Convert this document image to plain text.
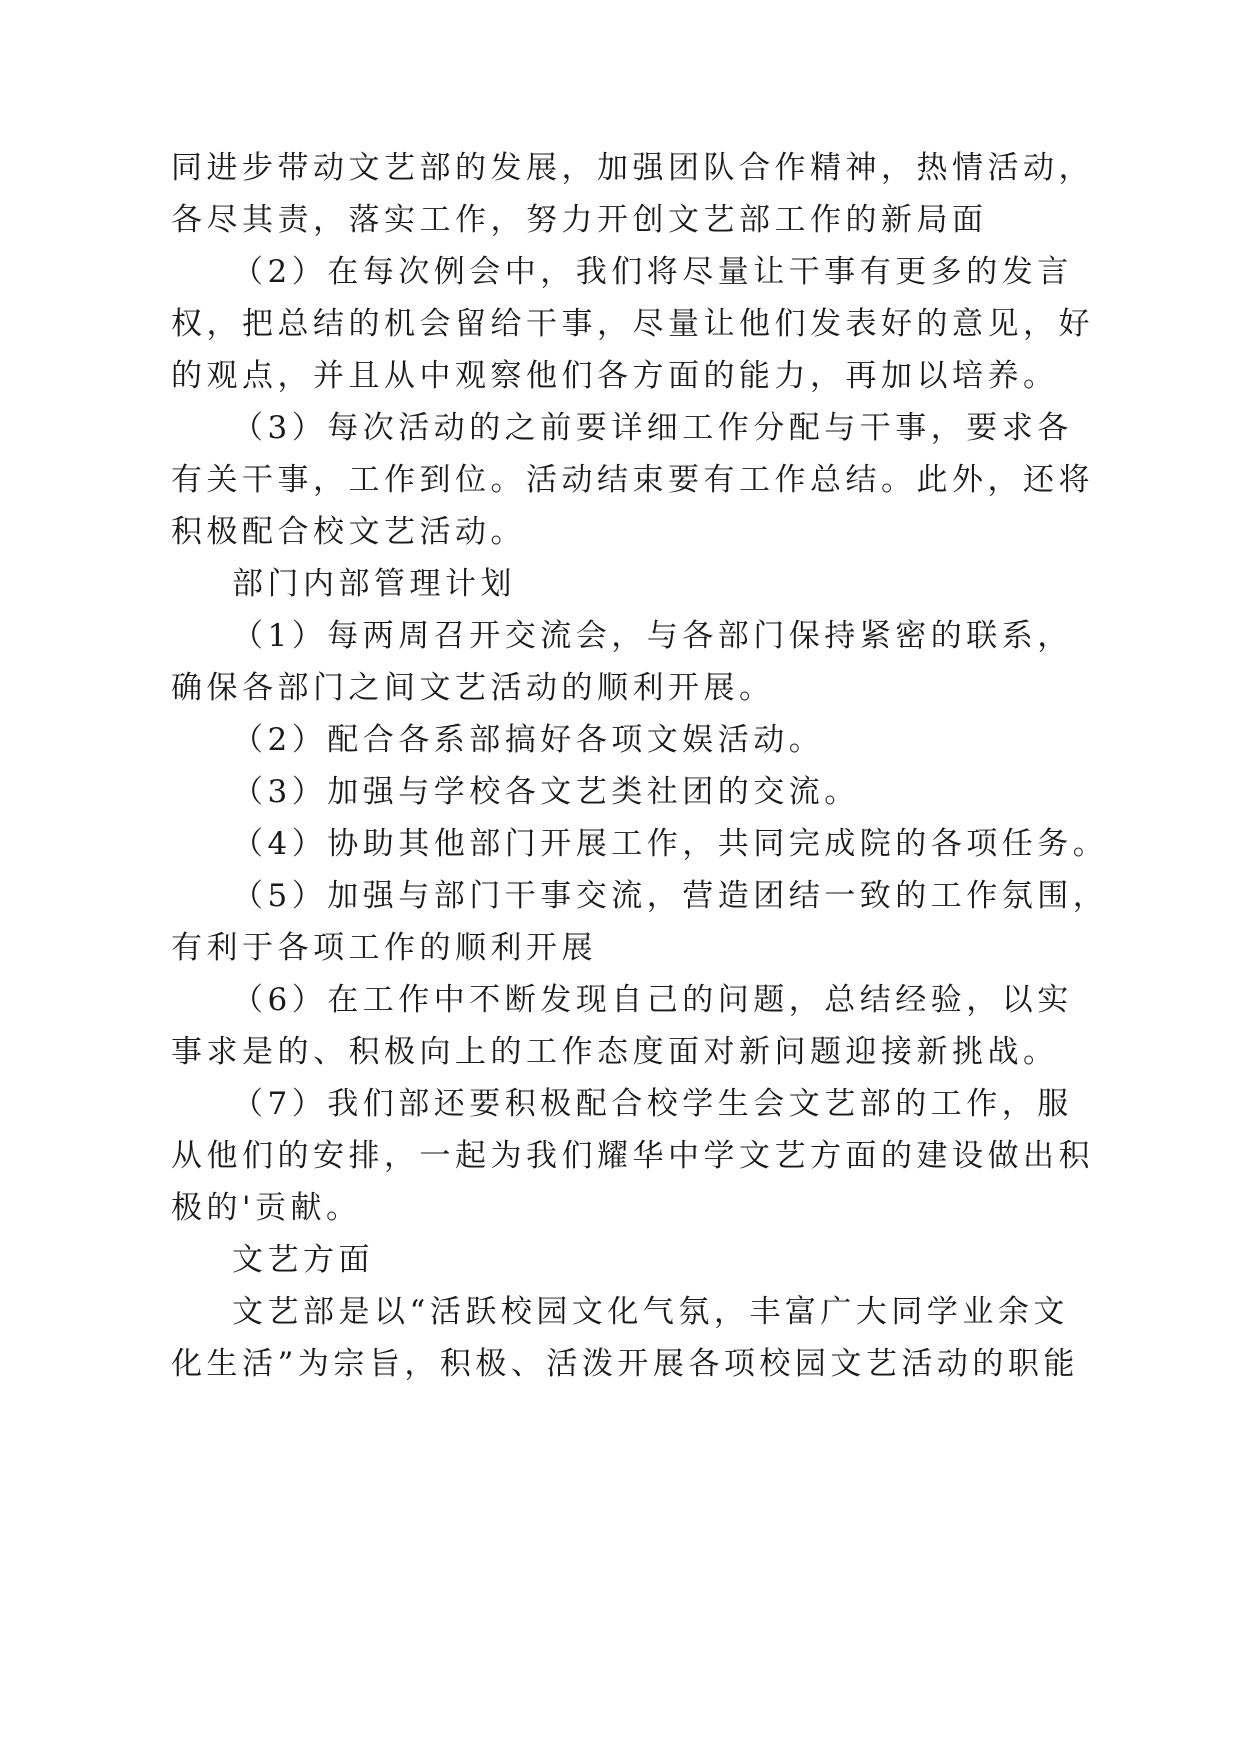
同进步带动文艺部的发展，加强团队合作精神，热情活动，
各尽其责，落实工作，努力开创文艺部工作的新局面
（2）在每次例会中，我们将尽量让干事有更多的发言
权，把总结的机会留给干事，尽量让他们发表好的意见，好
的观点，并且从中观察他们各方面的能力，再加以培养。
（3）每次活动的之前要详细工作分配与干事，要求各
有关干事，工作到位。活动结束要有工作总结。此外，还将
积极配合校文艺活动。
部门内部管理计划
（1）每两周召开交流会，与各部门保持紧密的联系，
确保各部门之间文艺活动的顺利开展。
（2）配合各系部搞好各项文娱活动。
（3）加强与学校各文艺类社团的交流。
（4）协助其他部门开展工作，共同完成院的各项任务。
（5）加强与部门干事交流，营造团结一致的工作氛围，
有利于各项工作的顺利开展
（6）在工作中不断发现自己的问题，总结经验，以实
事求是的、积极向上的工作态度面对新问题迎接新挑战。
（7）我们部还要积极配合校学生会文艺部的工作，服
从他们的安排，一起为我们耀华中学文艺方面的建设做出积
极的'贡献。
文艺方面
文艺部是以“活跃校园文化气氛，丰富广大同学业余文
化生活”为宗旨，积极、活泼开展各项校园文艺活动的职能
